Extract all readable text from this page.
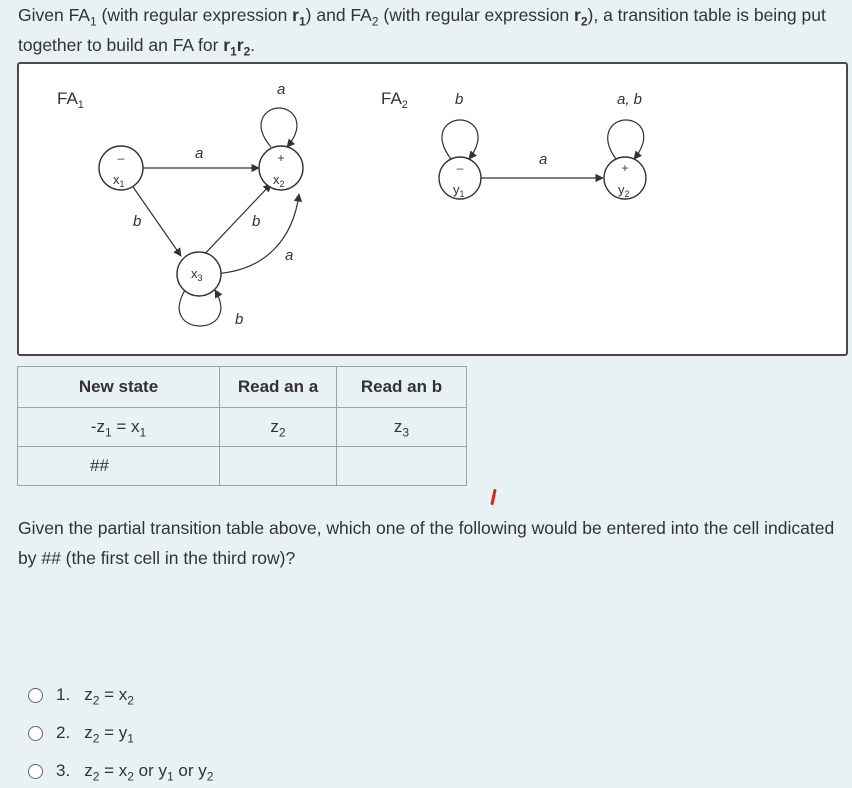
Given $FA_1$ (with regular expression $r_1$) and $FA_2$ (with regular expression $r_2$), a transition table is being put together to build an FA for $r_1r_2$.
$FA_1$	$FA_2$
a
a
b	b
a
b
–	+
$x_1$	$x_2$
$x_3$
b
a
a, b
–	+
$y_1$	$y_2$
New state	Read an a	Read an b
$-z_1 = x_1$	$z_2$	$z_3$
##		
Given the partial transition table above, which one of the following would be entered into the cell indicated by ## (the first cell in the third row)?
1. $z_2 = x_2$
2. $z_2 = y_1$
3. $z_2 = x_2$ or $y_1$ or $y_2$
